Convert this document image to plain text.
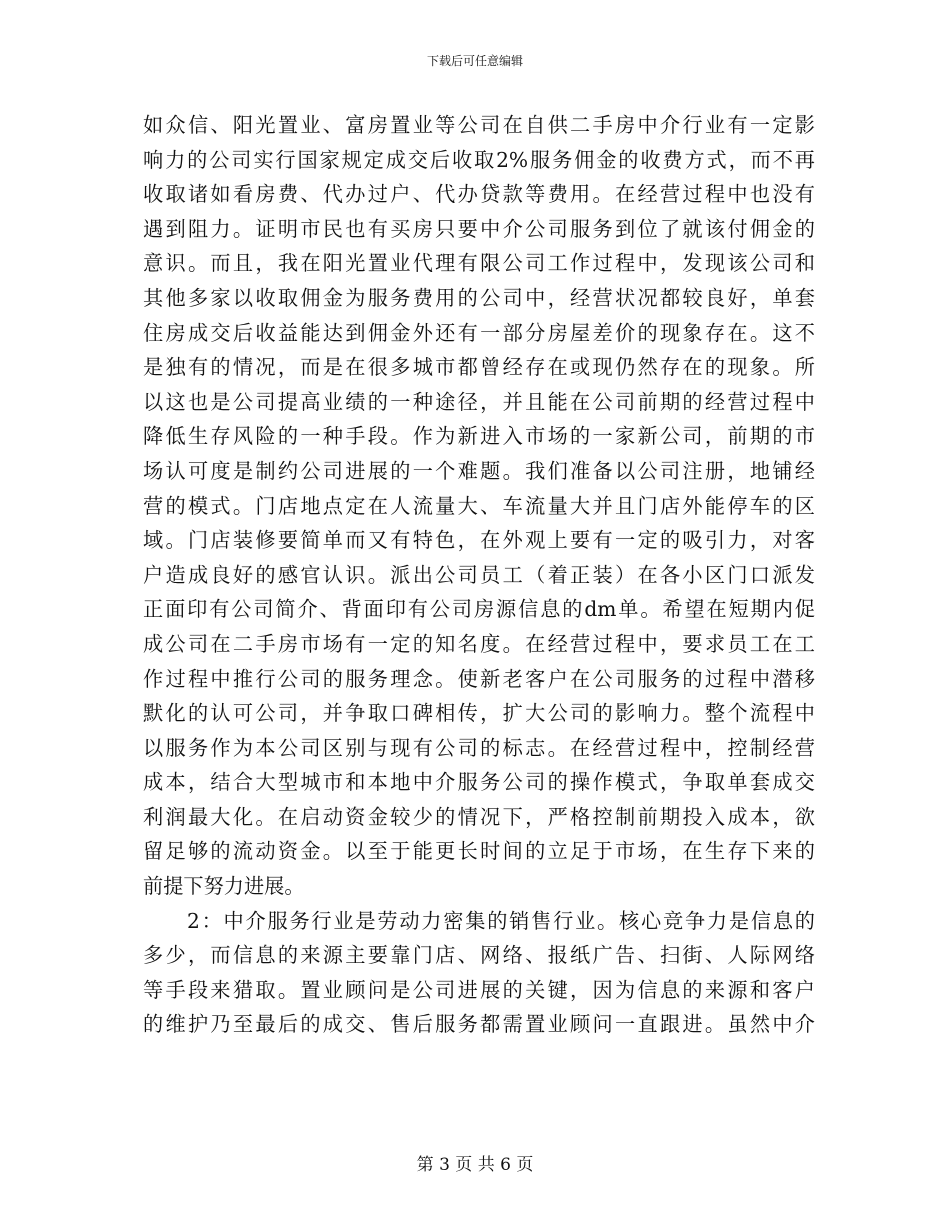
下载后可任意编辑
如众信、阳光置业、富房置业等公司在自供二手房中介行业有一定影
响力的公司实行国家规定成交后收取2%服务佣金的收费方式，而不再
收取诸如看房费、代办过户、代办贷款等费用。在经营过程中也没有
遇到阻力。证明市民也有买房只要中介公司服务到位了就该付佣金的
意识。而且，我在阳光置业代理有限公司工作过程中，发现该公司和
其他多家以收取佣金为服务费用的公司中，经营状况都较良好，单套
住房成交后收益能达到佣金外还有一部分房屋差价的现象存在。这不
是独有的情况，而是在很多城市都曾经存在或现仍然存在的现象。所
以这也是公司提高业绩的一种途径，并且能在公司前期的经营过程中
降低生存风险的一种手段。作为新进入市场的一家新公司，前期的市
场认可度是制约公司进展的一个难题。我们准备以公司注册，地铺经
营的模式。门店地点定在人流量大、车流量大并且门店外能停车的区
域。门店装修要简单而又有特色，在外观上要有一定的吸引力，对客
户造成良好的感官认识。派出公司员工（着正装）在各小区门口派发
正面印有公司简介、背面印有公司房源信息的dm单。希望在短期内促
成公司在二手房市场有一定的知名度。在经营过程中，要求员工在工
作过程中推行公司的服务理念。使新老客户在公司服务的过程中潜移
默化的认可公司，并争取口碑相传，扩大公司的影响力。整个流程中
以服务作为本公司区别与现有公司的标志。在经营过程中，控制经营
成本，结合大型城市和本地中介服务公司的操作模式，争取单套成交
利润最大化。在启动资金较少的情况下，严格控制前期投入成本，欲
留足够的流动资金。以至于能更长时间的立足于市场，在生存下来的
前提下努力进展。
　　2：中介服务行业是劳动力密集的销售行业。核心竞争力是信息的
多少，而信息的来源主要靠门店、网络、报纸广告、扫街、人际网络
等手段来猎取。置业顾问是公司进展的关键，因为信息的来源和客户
的维护乃至最后的成交、售后服务都需置业顾问一直跟进。虽然中介
第 3 页 共 6 页
